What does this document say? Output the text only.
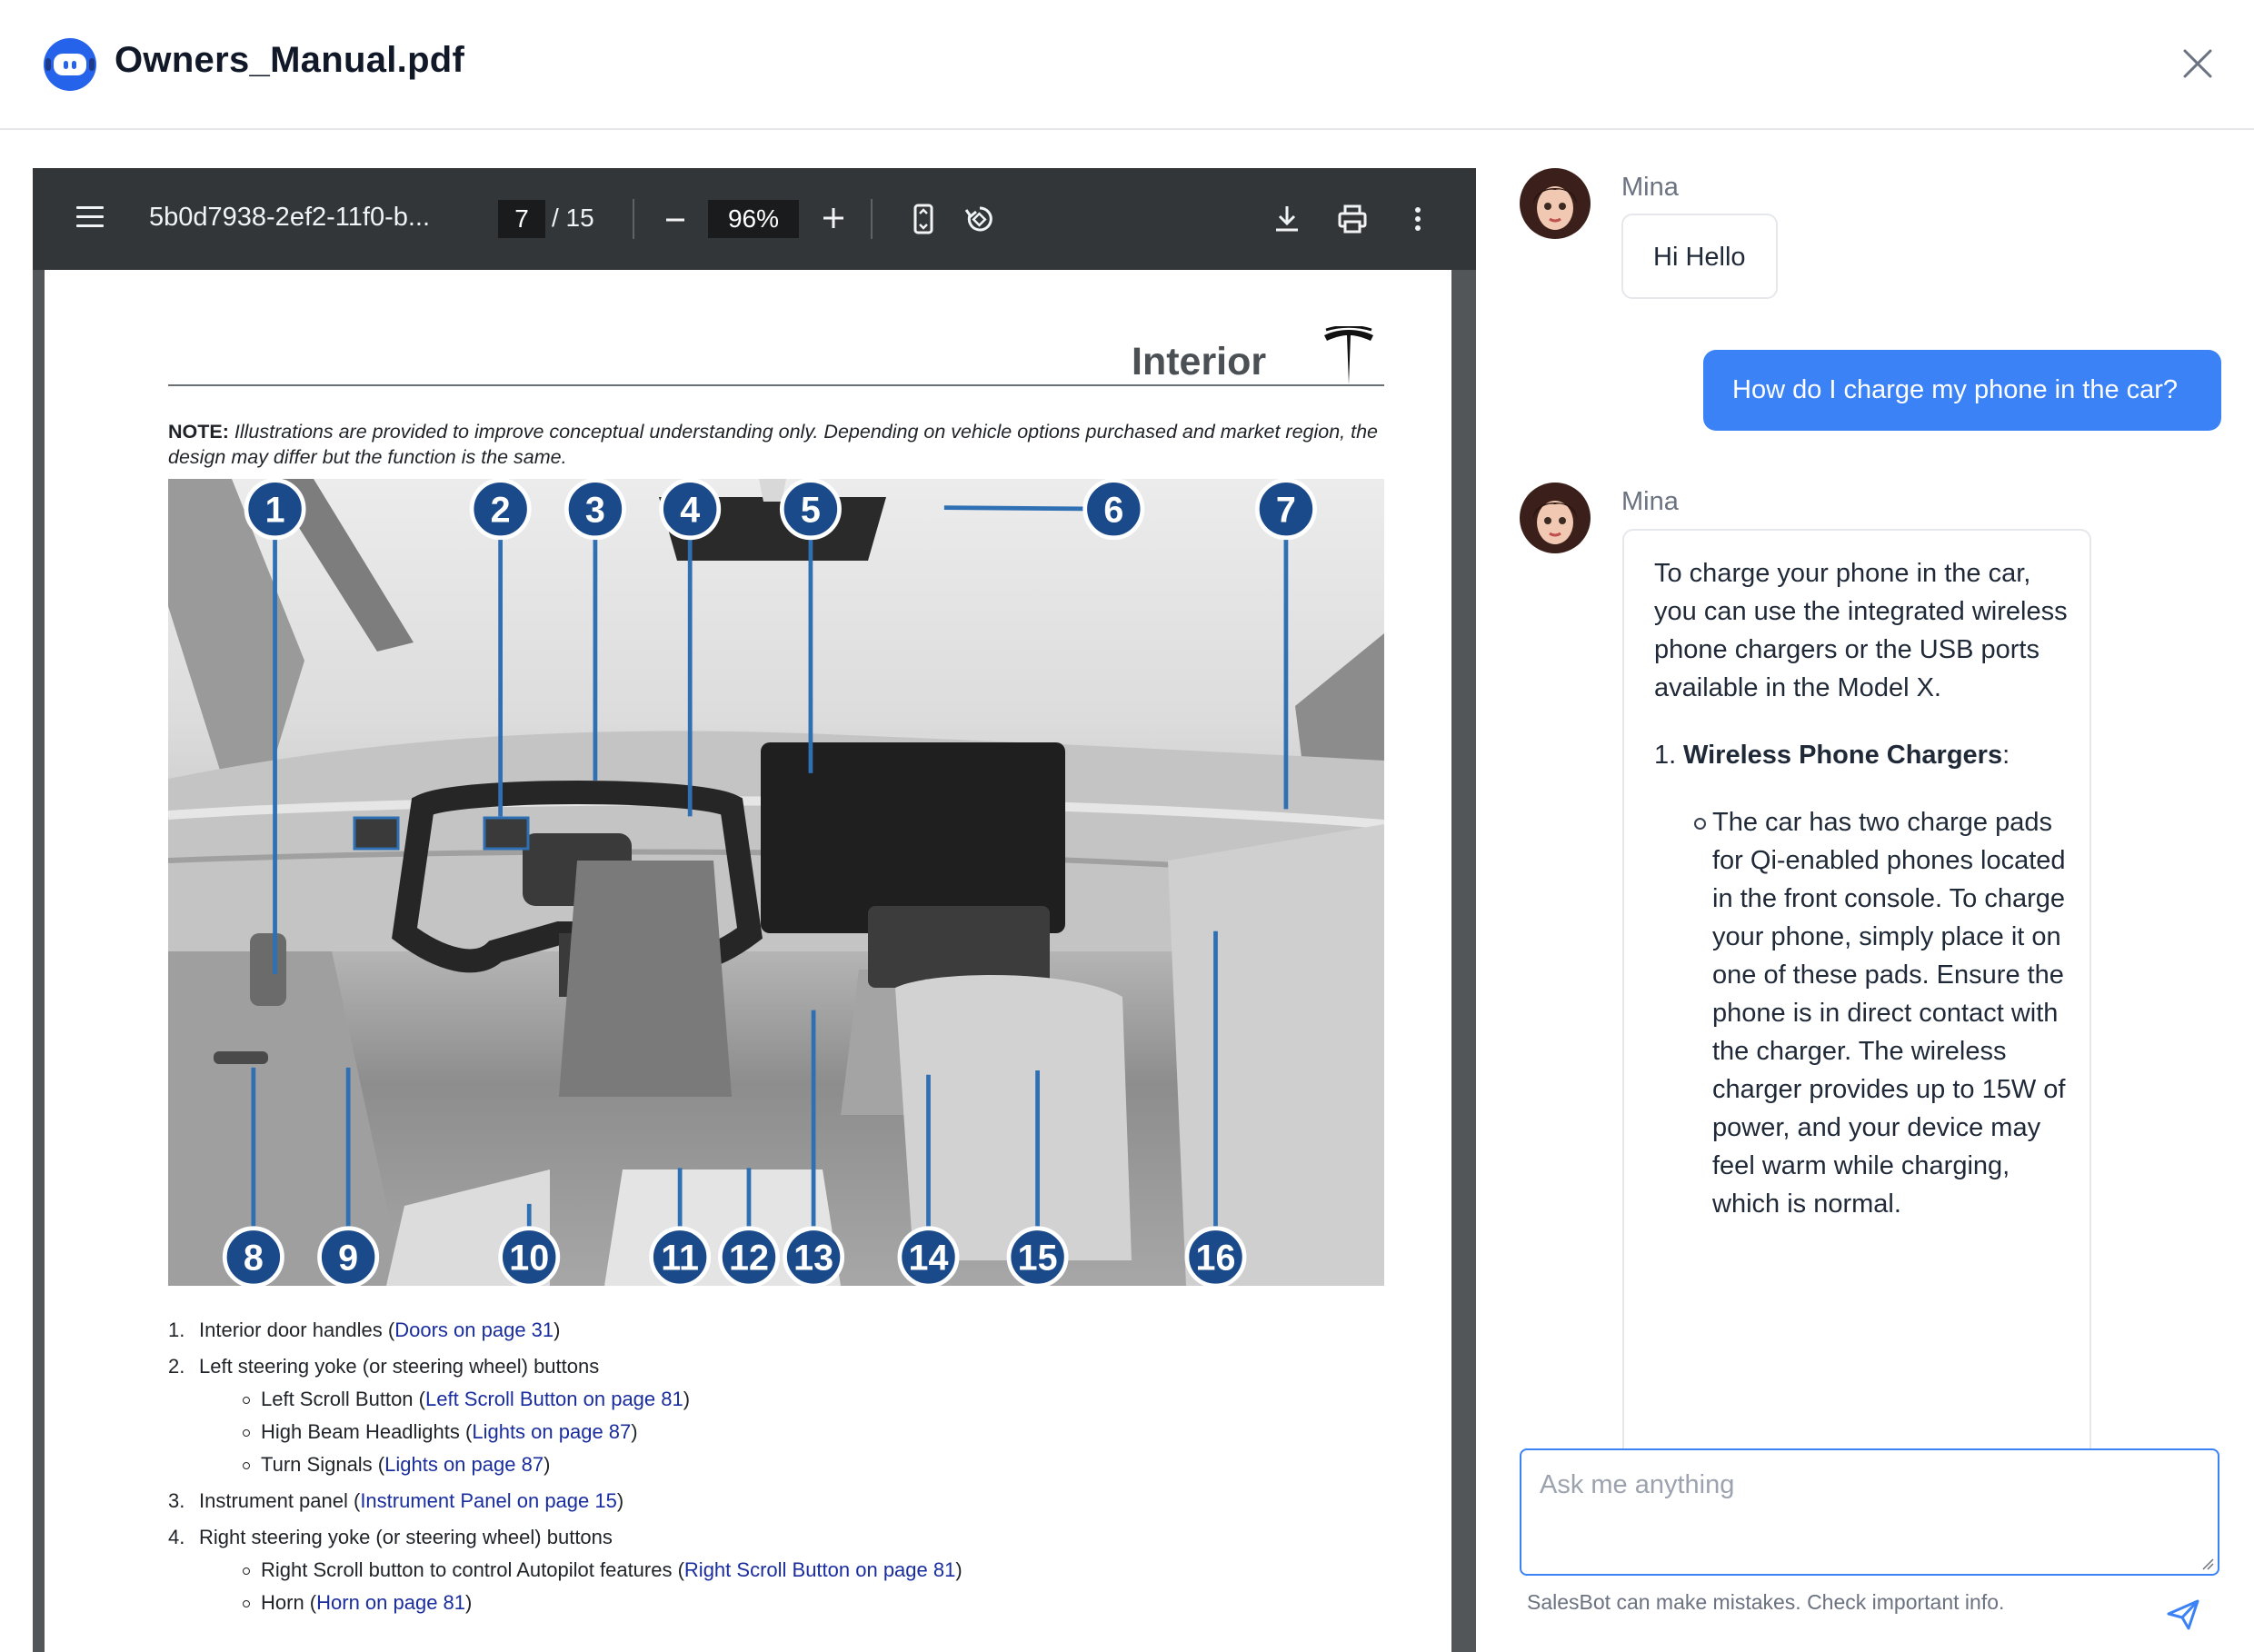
Owners_Manual.pdf
5b0d7938-2ef2-11f0-b...	7 / 15	96%
Interior
NOTE: Illustrations are provided to improve conceptual understanding only. Depending on vehicle options purchased and market region, the design may differ but the function is the same.
1	2	3	4	5	6	7
8	9	10	11 12 13	14	15	16
1. Interior door handles (Doors on page 31)
2. Left steering yoke (or steering wheel) buttons
Left Scroll Button (Left Scroll Button on page 81)
High Beam Headlights (Lights on page 87)
Turn Signals (Lights on page 87)
3. Instrument panel (Instrument Panel on page 15)
4. Right steering yoke (or steering wheel) buttons
Right Scroll button to control Autopilot features (Right Scroll Button on page 81)
Horn (Horn on page 81)
Mina
Hi Hello
How do I charge my phone in the car?
Mina
To charge your phone in the car, you can use the integrated wireless phone chargers or the USB ports available in the Model X.
1. Wireless Phone Chargers:
The car has two charge pads for Qi-enabled phones located in the front console. To charge your phone, simply place it on one of these pads. Ensure the phone is in direct contact with the charger. The wireless charger provides up to 15W of power, and your device may feel warm while charging, which is normal.
Ask me anything
SalesBot can make mistakes. Check important info.
